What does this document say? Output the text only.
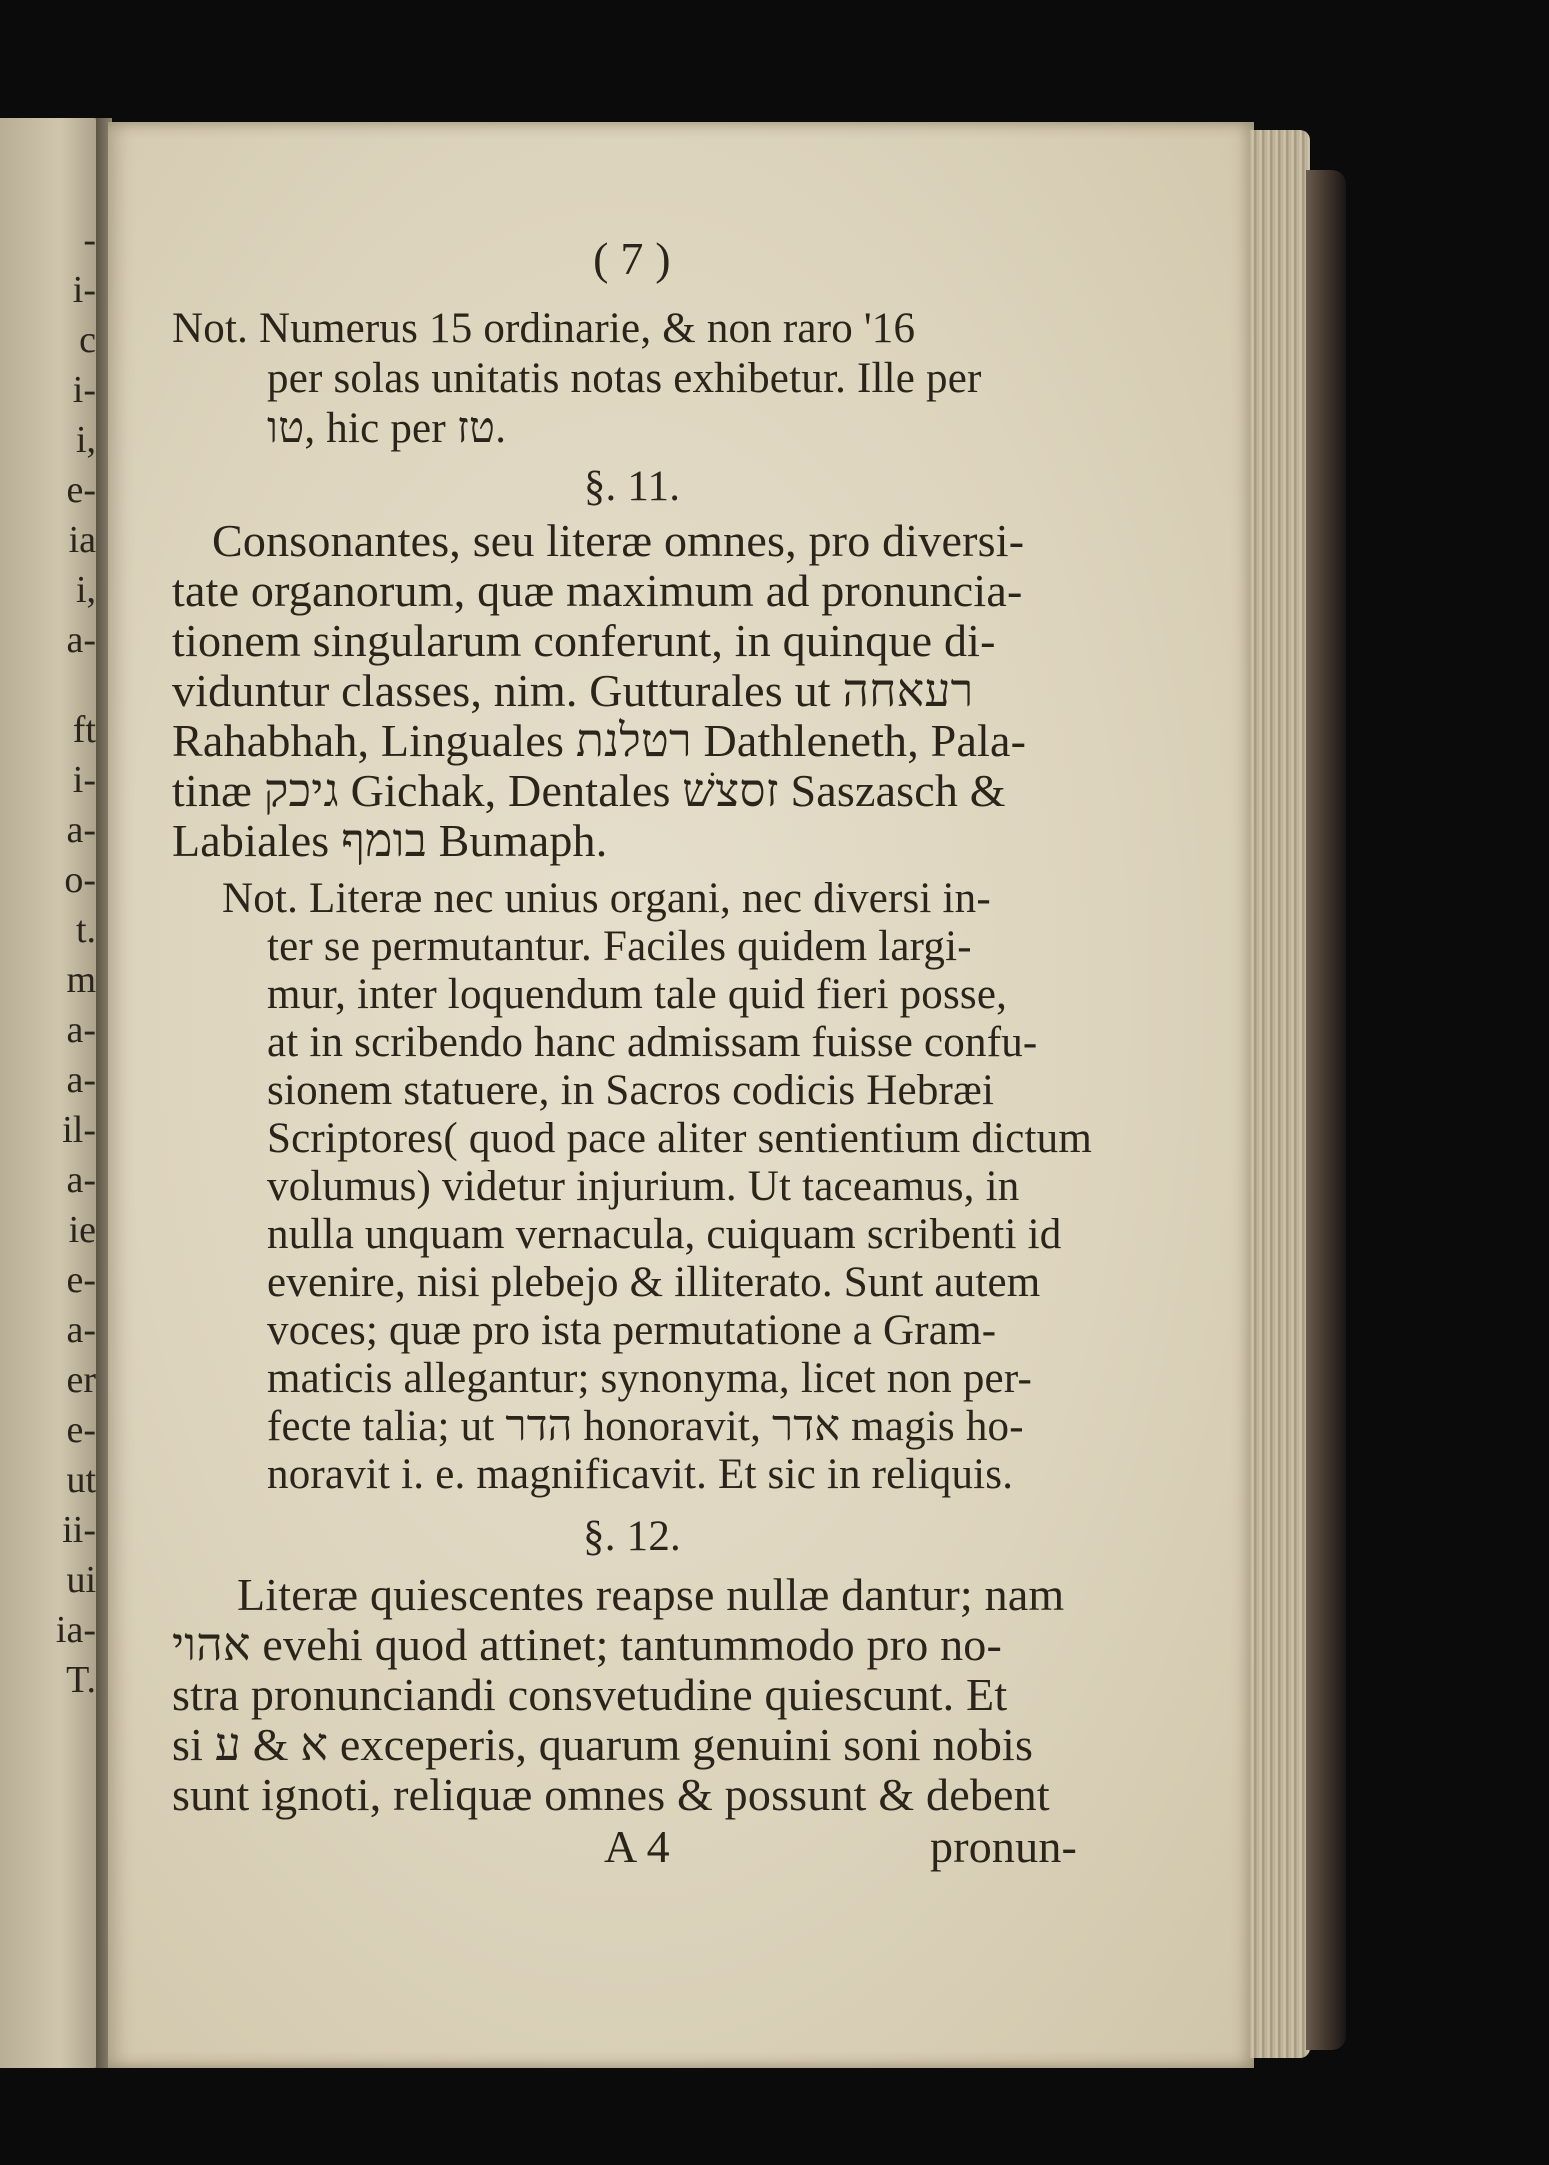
-
i-
c
i-
i,
e-
ia
i,
a-
ft
i-
a-
o-
t.
m
a-
a-
il-
a-
ie
e-
a-
er
e-
ut
ii-
ui
ia-
T.
( 7 )
Not. Numerus 15 ordinarie, & non raro '16
per solas unitatis notas exhibetur. Ille per
טו, hic per טז.
§. 11.
Consonantes, seu literæ omnes, pro diversi-
tate organorum, quæ maximum ad pronuncia-
tionem singularum conferunt, in quinque di-
viduntur classes, nim. Gutturales ut רעאחה
Rahabhah, Linguales רטלנת Dathleneth, Pala-
tinæ גיכק Gichak, Dentales זסצשׁ Saszasch &
Labiales בומף Bumaph.
Not. Literæ nec unius organi, nec diversi in-
ter se permutantur. Faciles quidem largi-
mur, inter loquendum tale quid fieri posse,
at in scribendo hanc admissam fuisse confu-
sionem statuere, in Sacros codicis Hebræi
Scriptores( quod pace aliter sentientium dictum
volumus) videtur injurium. Ut taceamus, in
nulla unquam vernacula, cuiquam scribenti id
evenire, nisi plebejo & illiterato. Sunt autem
voces; quæ pro ista permutatione a Gram-
maticis allegantur; synonyma, licet non per-
fecte talia; ut הדר honoravit, אדר magis ho-
noravit i. e. magnificavit. Et sic in reliquis.
§. 12.
Literæ quiescentes reapse nullæ dantur; nam
אהוי evehi quod attinet; tantummodo pro no-
stra pronunciandi consvetudine quiescunt. Et
si א & ע exceperis, quarum genuini soni nobis
sunt ignoti, reliquæ omnes & possunt & debent
A 4	pronun-
